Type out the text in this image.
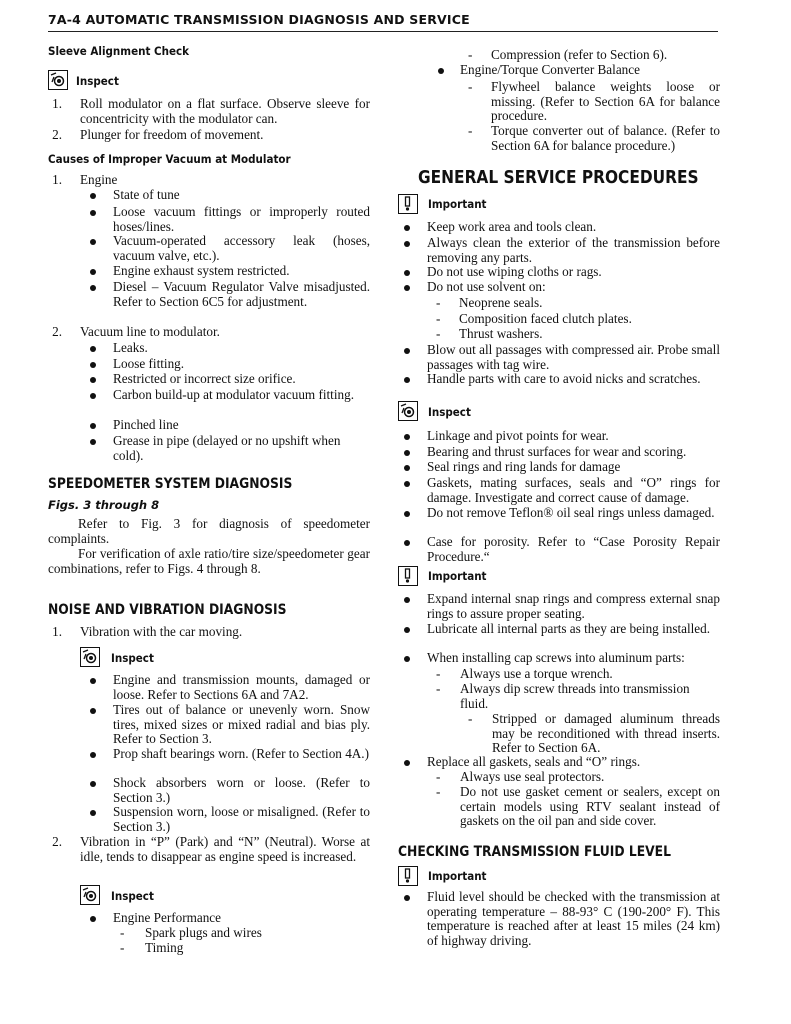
7A-4 AUTOMATIC TRANSMISSION DIAGNOSIS AND SERVICE
Sleeve Alignment Check
Inspect
1. Roll modulator on a flat surface. Observe sleeve for concentricity with the modulator can.
2. Plunger for freedom of movement.
Causes of Improper Vacuum at Modulator
1. Engine
State of tune
Loose vacuum fittings or improperly routed hoses/lines.
Vacuum-operated accessory leak (hoses, vacuum valve, etc.).
Engine exhaust system restricted.
Diesel – Vacuum Regulator Valve misadjusted. Refer to Section 6C5 for adjustment.
2. Vacuum line to modulator.
Leaks.
Loose fitting.
Restricted or incorrect size orifice.
Carbon build-up at modulator vacuum fitting.
Pinched line
Grease in pipe (delayed or no upshift when cold).
SPEEDOMETER SYSTEM DIAGNOSIS
Figs. 3 through 8
Refer to Fig. 3 for diagnosis of speedometer complaints.
For verification of axle ratio/tire size/speedometer gear combinations, refer to Figs. 4 through 8.
NOISE AND VIBRATION DIAGNOSIS
1. Vibration with the car moving.
Inspect
Engine and transmission mounts, damaged or loose. Refer to Sections 6A and 7A2.
Tires out of balance or unevenly worn. Snow tires, mixed sizes or mixed radial and bias ply. Refer to Section 3.
Prop shaft bearings worn. (Refer to Section 4A.)
Shock absorbers worn or loose. (Refer to Section 3.)
Suspension worn, loose or misaligned. (Refer to Section 3.)
2. Vibration in “P” (Park) and “N” (Neutral). Worse at idle, tends to disappear as engine speed is increased.
Inspect
Engine Performance
- Spark plugs and wires
- Timing
- Compression (refer to Section 6).
Engine/Torque Converter Balance
- Flywheel balance weights loose or missing. (Refer to Section 6A for balance procedure.
- Torque converter out of balance. (Refer to Section 6A for balance procedure.)
GENERAL SERVICE PROCEDURES
Important
Keep work area and tools clean.
Always clean the exterior of the transmission before removing any parts.
Do not use wiping cloths or rags.
Do not use solvent on:
- Neoprene seals.
- Composition faced clutch plates.
- Thrust washers.
Blow out all passages with compressed air. Probe small passages with tag wire.
Handle parts with care to avoid nicks and scratches.
Inspect
Linkage and pivot points for wear.
Bearing and thrust surfaces for wear and scoring.
Seal rings and ring lands for damage
Gaskets, mating surfaces, seals and “O” rings for damage. Investigate and correct cause of damage.
Do not remove Teflon® oil seal rings unless damaged.
Case for porosity. Refer to “Case Porosity Repair Procedure.“
Important
Expand internal snap rings and compress external snap rings to assure proper seating.
Lubricate all internal parts as they are being installed.
When installing cap screws into aluminum parts:
- Always use a torque wrench.
- Always dip screw threads into transmission fluid.
- Stripped or damaged aluminum threads may be reconditioned with thread inserts. Refer to Section 6A.
Replace all gaskets, seals and “O” rings.
- Always use seal protectors.
- Do not use gasket cement or sealers, except on certain models using RTV sealant instead of gaskets on the oil pan and side cover.
CHECKING TRANSMISSION FLUID LEVEL
Important
Fluid level should be checked with the transmission at operating temperature – 88-93° C (190-200° F). This temperature is reached after at least 15 miles (24 km) of highway driving.
